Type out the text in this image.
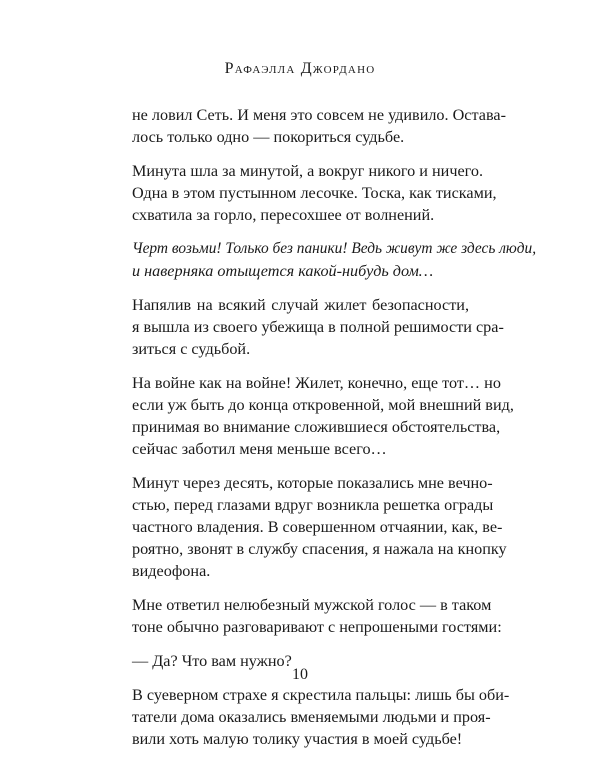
Рафаэлла Джордано

не ловил Сеть. И меня это совсем не удивило. Остава-
лось только одно — покориться судьбе.

Минута шла за минутой, а вокруг никого и ничего.
Одна в этом пустынном лесочке. Тоска, как тисками,
схватила за горло, пересохшее от волнений.

Черт возьми! Только без паники! Ведь живут же здесь люди,
и наверняка отыщется какой-нибудь дом…

Напялив на всякий случай жилет безопасности,
я вышла из своего убежища в полной решимости сра-
зиться с судьбой.

На войне как на войне! Жилет, конечно, еще тот… но
если уж быть до конца откровенной, мой внешний вид,
принимая во внимание сложившиеся обстоятельства,
сейчас заботил меня меньше всего…

Минут через десять, которые показались мне вечно-
стью, перед глазами вдруг возникла решетка ограды
частного владения. В совершенном отчаянии, как, ве-
роятно, звонят в службу спасения, я нажала на кнопку
видеофона.

Мне ответил нелюбезный мужской голос — в таком
тоне обычно разговаривают с непрошеными гостями:

— Да? Что вам нужно?

В суеверном страхе я скрестила пальцы: лишь бы оби-
татели дома оказались вменяемыми людьми и проя-
вили хоть малую толику участия в моей судьбе!

10
